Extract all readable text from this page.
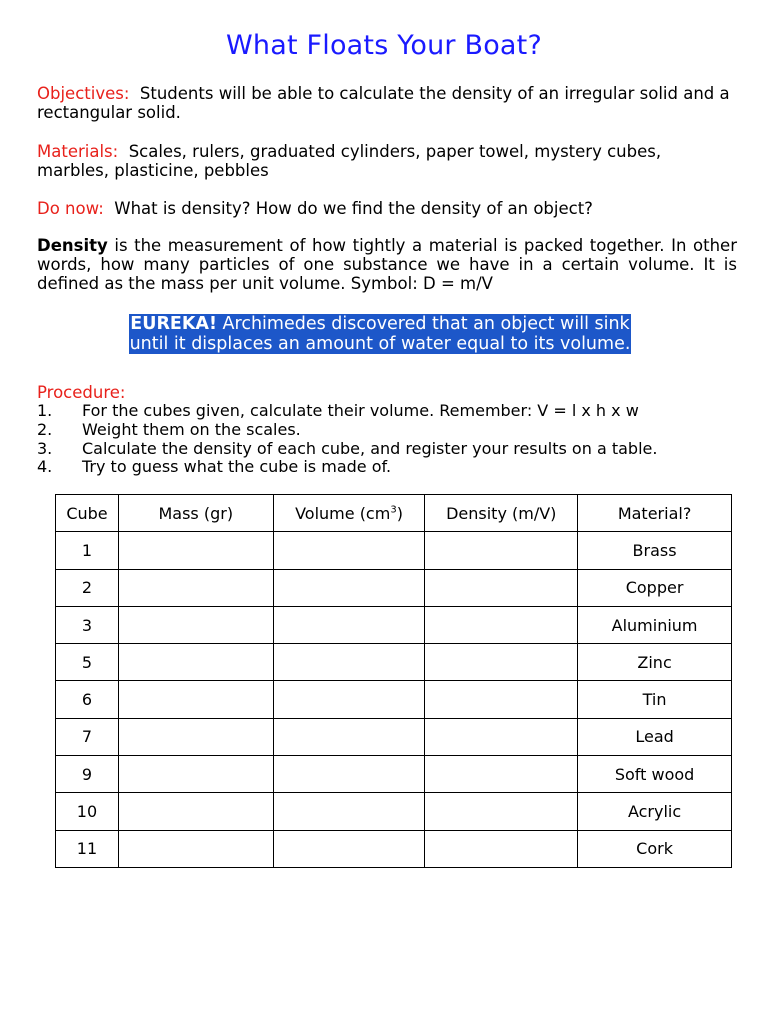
What Floats Your Boat?

Objectives: Students will be able to calculate the density of an irregular solid and a rectangular solid.

Materials: Scales, rulers, graduated cylinders, paper towel, mystery cubes, marbles, plasticine, pebbles

Do now: What is density? How do we find the density of an object?

Density is the measurement of how tightly a material is packed together. In other words, how many particles of one substance we have in a certain volume. It is defined as the mass per unit volume. Symbol: D = m/V

EUREKA! Archimedes discovered that an object will sink
until it displaces an amount of water equal to its volume.

Procedure:

1.	For the cubes given, calculate their volume. Remember: V = l x h x w
2.	Weight them on the scales.
3.	Calculate the density of each cube, and register your results on a table.
4.	Try to guess what the cube is made of.
Cube	Mass (gr)	Volume $(cm^3)$	Density (m/V)	Material?
1				Brass
2				Copper
3				Aluminium
5				Zinc
6				Tin
7				Lead
9				Soft wood
10				Acrylic
11				Cork
